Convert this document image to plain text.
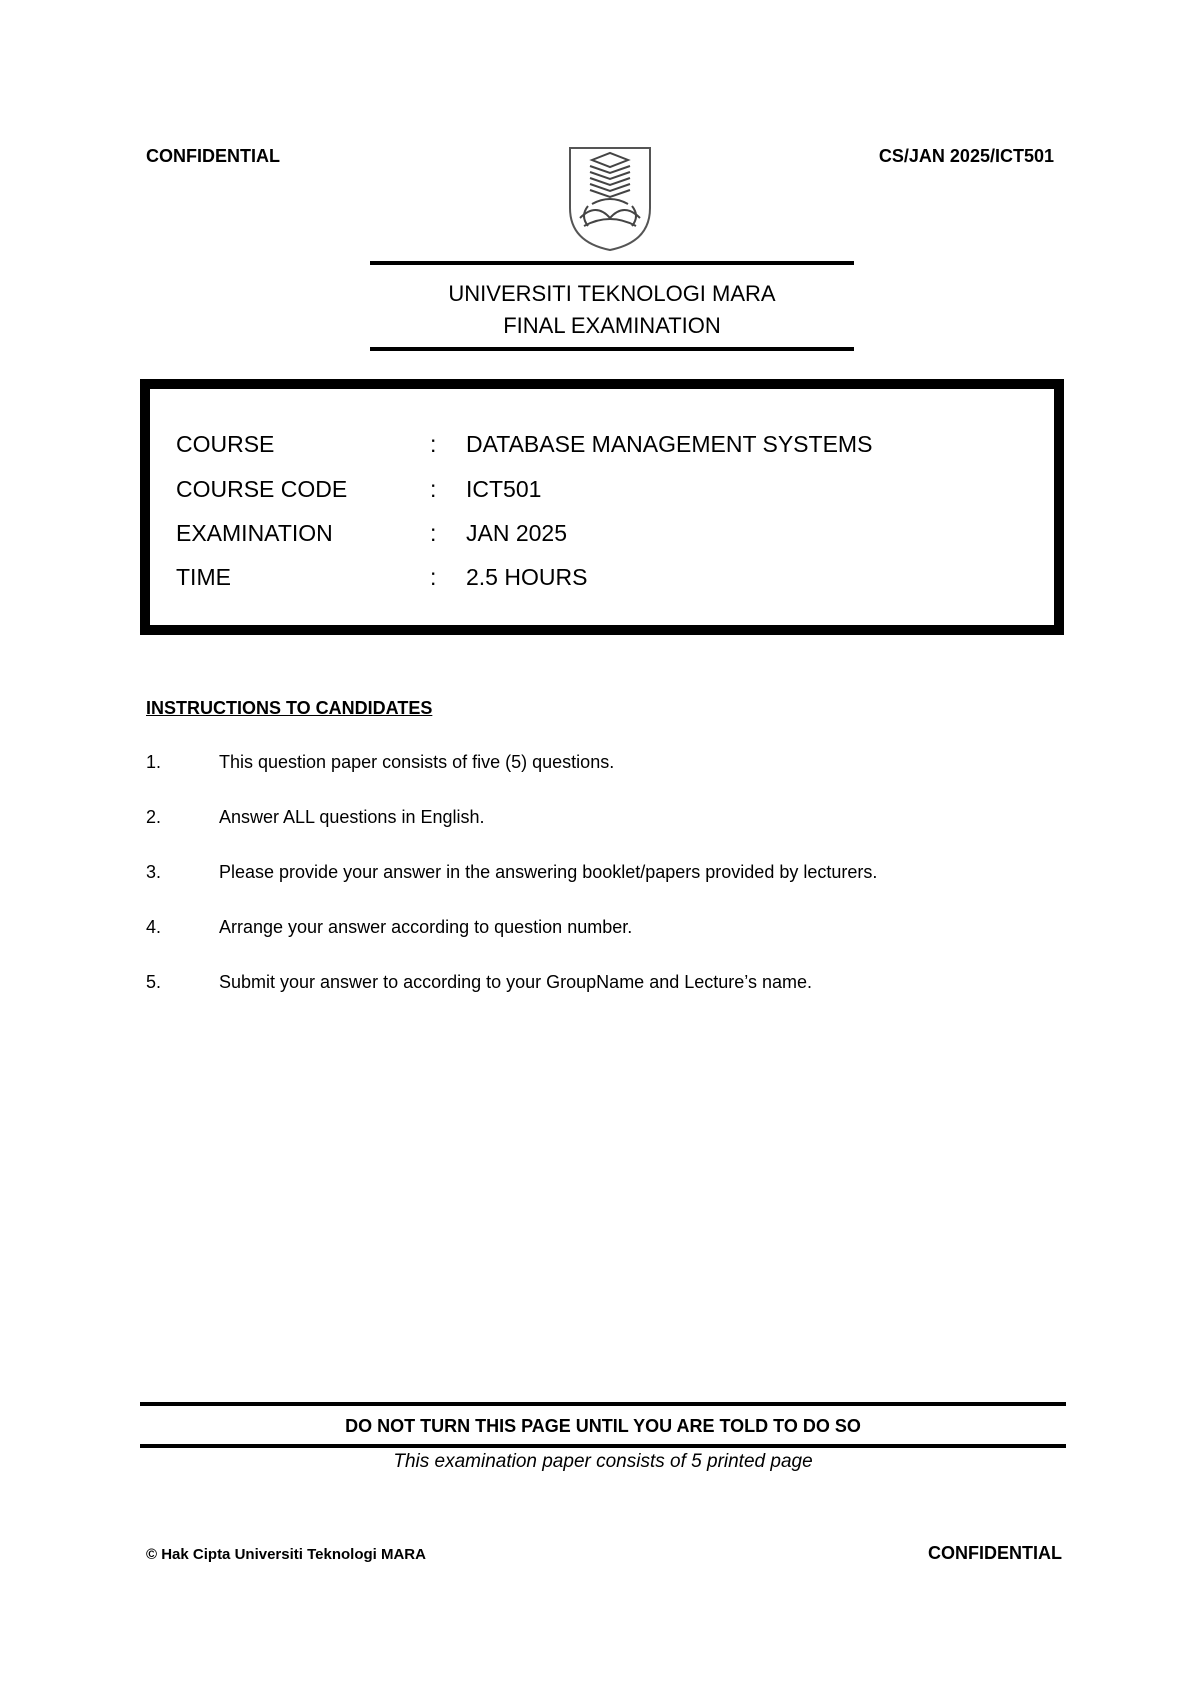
CONFIDENTIAL	CS/JAN 2025/ICT501
UNIVERSITI TEKNOLOGI MARA
FINAL EXAMINATION
COURSE	: DATABASE MANAGEMENT SYSTEMS
COURSE CODE	: ICT501
EXAMINATION	: JAN 2025
TIME	: 2.5 HOURS
INSTRUCTIONS TO CANDIDATES
1.	This question paper consists of five (5) questions.
2.	Answer ALL questions in English.
3.	Please provide your answer in the answering booklet/papers provided by lecturers.
4.	Arrange your answer according to question number.
5.	Submit your answer to according to your GroupName and Lecture’s name.
DO NOT TURN THIS PAGE UNTIL YOU ARE TOLD TO DO SO
This examination paper consists of 5 printed page
© Hak Cipta Universiti Teknologi MARA	CONFIDENTIAL
